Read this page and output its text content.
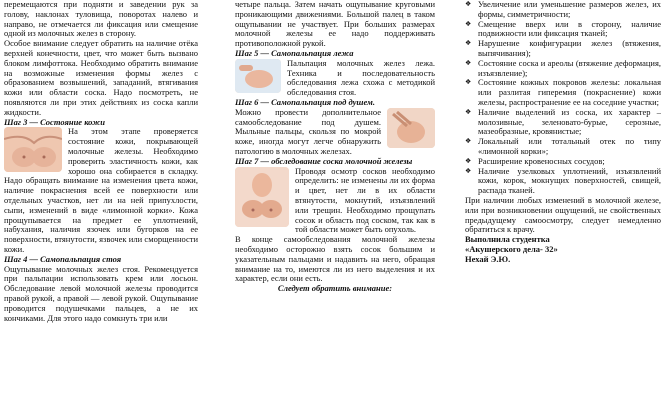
перемещаются при подняти и заведении рук за голову, наклонах туловища, поворотах налево и направо, не отмечается ли фиксация или смещение одной из молочных желез в сторону.

Особое внимание следует обратить на наличие отёка верхней конечности, цвет, что может быть вызвано блоком лимфоттока. Необходимо обратить внимание на возможные изменения формы желез с образованием возвышений, западаний, втягивания кожи или области соска. Надо посмотреть, не появляются ли при этих действиях из соска капли жидкости.

Шаг 3 — Состояние кожи

На этом этапе проверяется состояние кожи, покрывающей молочные железы. Необходимо проверить эластичность кожи, как хорошо она собирается в складку. Надо обращать внимание на изменения цвета кожи, наличие покраснения всей ее поверхности или отдельных участков, нет ли на ней припухлости, сыпи, изменений в виде «лимонной корки». Кожа прощупывается на предмет ее уплотнений, набухания, наличия язочек или бугорков на ее поверхности, втянутости, язвочек или сморщенности кожи.

Шаг 4 — Самопальпация стоя

Ощупывание молочных желез стоя. Рекомендуется при пальпации использовать крем или лосьон. Обследование левой молочной железы проводится правой рукой, а правой — левой рукой. Ощупывание проводится подушечками пальцев, а не их кончиками. Для этого надо сомкнуть три или

четыре пальца. Затем начать ощупывание круговыми проникающими движениями. Большой палец в таком ощупывании не участвует. При больших размерах молочной железы ее надо поддерживать противоположной рукой.

Шаг 5 — Самопальпация лежа

Пальпация молочных желез лежа. Техника и последовательность обследования лежа схожа с методикой обследования стоя.

Шаг 6 — Самопальпация под душем.

Можно провести дополнительное самообследование под душем. Мыльные пальцы, скользя по мокрой коже, иногда могут легче обнаружить патологию в молочных железах.

Шаг 7 — обследование соска молочной железы

Проводя осмотр сосков необходимо определить: не изменены ли их форма и цвет, нет ли в их области втянутости, мокнутий, изъязвлений или трещин. Необходимо прощупать сосок и область под соском, так как в той области может быть опухоль.

В конце самообследования молочной железы необходимо осторожно взять сосок большим и указательным пальцами и надавить на него, обращая внимание на то, имеются ли из него выделения и их характер, если они есть.

Следует обратить внимание:

❖ Увеличение или уменьшение размеров желез, их формы, симметричности;
❖ Смещение вверх или в сторону, наличие подвижности или фиксация тканей;
❖ Нарушение конфигурации желез (втяжения, выпячивания);
❖ Состояние соска и ареолы (втяжение деформация, изъязвление);
❖ Состояние кожных покровов железы: локальная или разлитая гиперемия (покраснение) кожи железы, распространение ее на соседние участки;
❖ Наличие выделений из соска, их характер – молозивные, зеленовато-бурые, серозные, мазеобразные, кровянистые;
❖ Локальный или тотальный отек по типу «лимонной корки»;
❖ Расширение кровеносных сосудов;
❖ Наличие узелковых уплотнений, изъязвлений кожи, корок, мокнущих поверхностей, свищей, распада тканей.

При наличии любых изменений в молочной железе, или при возникновении ощущений, не свойственных предыдущему самоосмотру, следует немедленно обратиться к врачу.

Выполнила студентка

«Акушерского дела- 32»

Нехай Э.Ю.
